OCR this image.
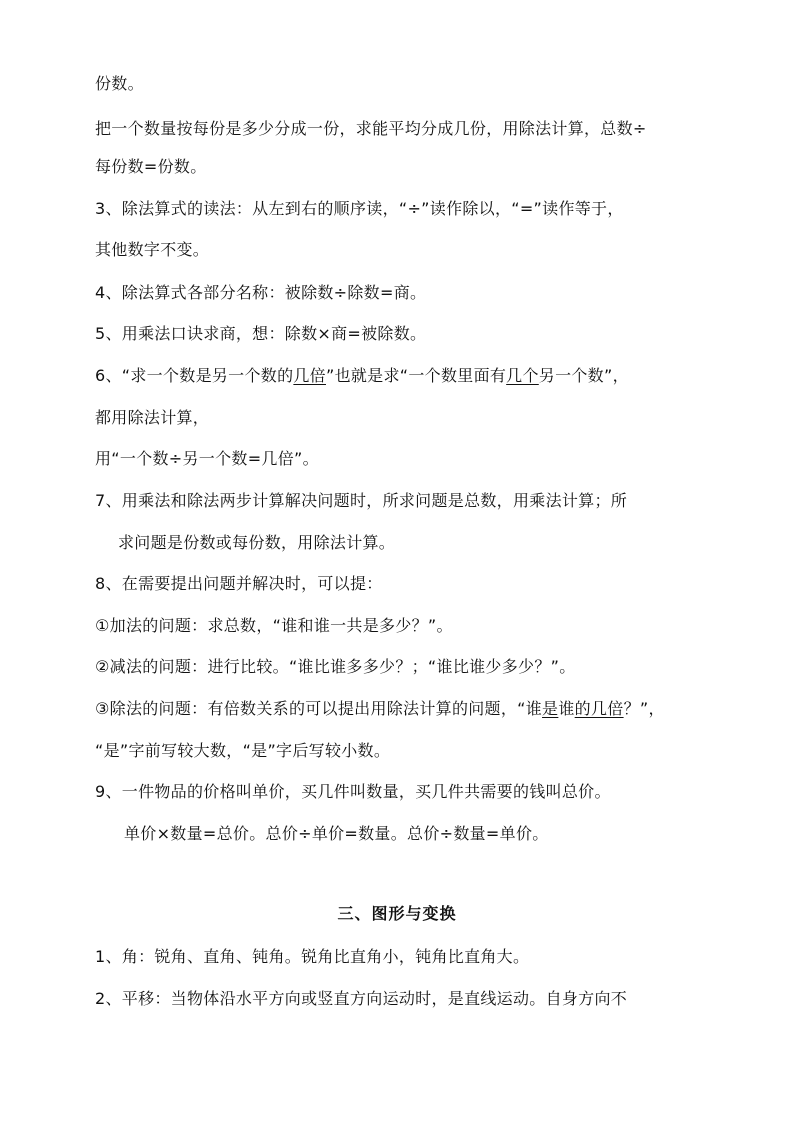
份数。
把一个数量按每份是多少分成一份，求能平均分成几份，用除法计算，总数÷
每份数=份数。
3、除法算式的读法：从左到右的顺序读，“÷”读作除以，“=”读作等于，
其他数字不变。
4、除法算式各部分名称：被除数÷除数=商。
5、用乘法口诀求商，想：除数×商=被除数。
6、“求一个数是另一个数的几倍”也就是求“一个数里面有几个另一个数”，
都用除法计算，
用“一个数÷另一个数=几倍”。
7、用乘法和除法两步计算解决问题时，所求问题是总数，用乘法计算；所
求问题是份数或每份数，用除法计算。
8、在需要提出问题并解决时，可以提：
①加法的问题：求总数，“谁和谁一共是多少？”。
②减法的问题：进行比较。“谁比谁多多少？；“谁比谁少多少？”。
③除法的问题：有倍数关系的可以提出用除法计算的问题，“谁是谁的几倍？”，
“是”字前写较大数，“是”字后写较小数。
9、一件物品的价格叫单价，买几件叫数量，买几件共需要的钱叫总价。
单价×数量=总价。总价÷单价=数量。总价÷数量=单价。
三、图形与变换
1、角：锐角、直角、钝角。锐角比直角小，钝角比直角大。
2、平移：当物体沿水平方向或竖直方向运动时，是直线运动。自身方向不
